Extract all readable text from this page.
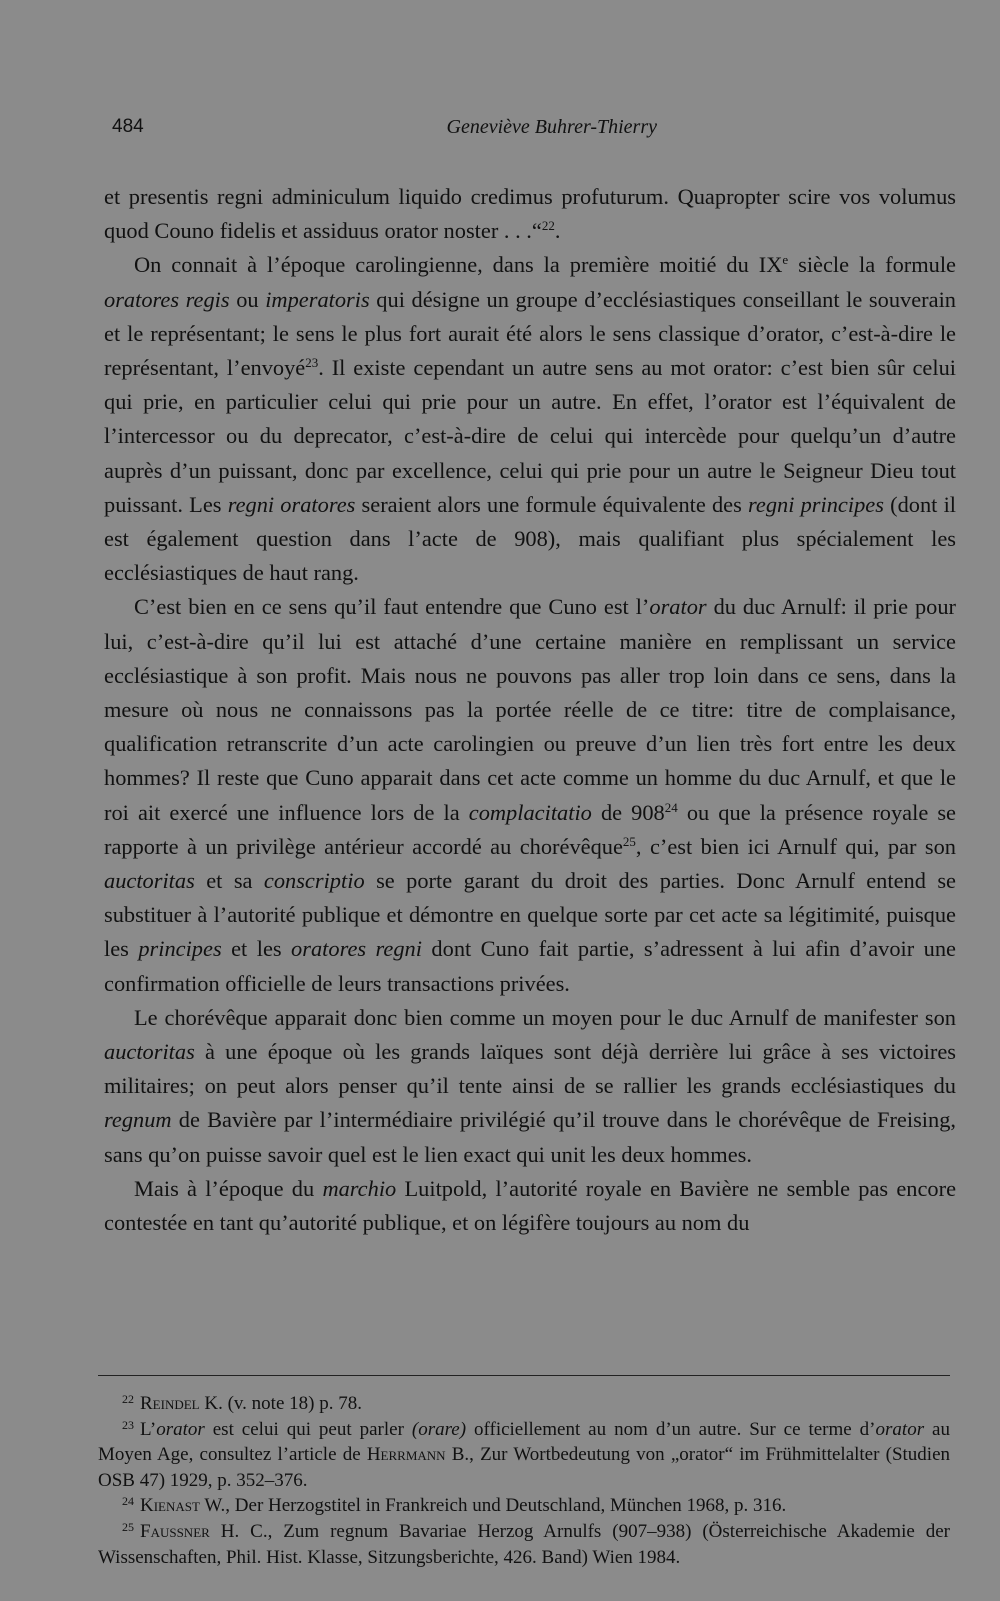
484	Geneviève Buhrer-Thierry

et presentis regni adminiculum liquido credimus profuturum. Quapropter scire vos volumus quod Couno fidelis et assiduus orator noster . . .“$^{22}$.

On connait à l’époque carolingienne, dans la première moitié du IXe siècle la formule oratores regis ou imperatoris qui désigne un groupe d’ecclésiastiques conseillant le souverain et le représentant; le sens le plus fort aurait été alors le sens classique d’orator, c’est-à-dire le représentant, l’envoyé$^{23}$. Il existe cependant un autre sens au mot orator: c’est bien sûr celui qui prie, en particulier celui qui prie pour un autre. En effet, l’orator est l’équivalent de l’intercessor ou du deprecator, c’est-à-dire de celui qui intercède pour quelqu’un d’autre auprès d’un puissant, donc par excellence, celui qui prie pour un autre le Seigneur Dieu tout puissant. Les regni oratores seraient alors une formule équivalente des regni principes (dont il est également question dans l’acte de 908), mais qualifiant plus spécialement les ecclésiastiques de haut rang.

C’est bien en ce sens qu’il faut entendre que Cuno est l’orator du duc Arnulf: il prie pour lui, c’est-à-dire qu’il lui est attaché d’une certaine manière en remplissant un service ecclésiastique à son profit. Mais nous ne pouvons pas aller trop loin dans ce sens, dans la mesure où nous ne connaissons pas la portée réelle de ce titre: titre de complaisance, qualification retranscrite d’un acte carolingien ou preuve d’un lien très fort entre les deux hommes? Il reste que Cuno apparait dans cet acte comme un homme du duc Arnulf, et que le roi ait exercé une influence lors de la complacitatio de $908^{24}$ ou que la présence royale se rapporte à un privilège antérieur accordé au chorévêque$^{25}$, c’est bien ici Arnulf qui, par son auctoritas et sa conscriptio se porte garant du droit des parties. Donc Arnulf entend se substituer à l’autorité publique et démontre en quelque sorte par cet acte sa légitimité, puisque les principes et les oratores regni dont Cuno fait partie, s’adressent à lui afin d’avoir une confirmation officielle de leurs transactions privées.

Le chorévêque apparait donc bien comme un moyen pour le duc Arnulf de manifester son auctoritas à une époque où les grands laïques sont déjà derrière lui grâce à ses victoires militaires; on peut alors penser qu’il tente ainsi de se rallier les grands ecclésiastiques du regnum de Bavière par l’intermédiaire privilégié qu’il trouve dans le chorévêque de Freising, sans qu’on puisse savoir quel est le lien exact qui unit les deux hommes.

Mais à l’époque du marchio Luitpold, l’autorité royale en Bavière ne semble pas encore contestée en tant qu’autorité publique, et on légifère toujours au nom du

$^{22}$ Reindel K. (v. note 18) p. 78.

$^{23}$ L’orator est celui qui peut parler (orare) officiellement au nom d’un autre. Sur ce terme d’orator au Moyen Age, consultez l’article de Herrmann B., Zur Wortbedeutung von „orator“ im Frühmittelalter (Studien OSB 47) 1929, p. 352–376.

$^{24}$ Kienast W., Der Herzogstitel in Frankreich und Deutschland, München 1968, p. 316.

$^{25}$ Faussner H. C., Zum regnum Bavariae Herzog Arnulfs (907–938) (Österreichische Akademie der Wissenschaften, Phil. Hist. Klasse, Sitzungsberichte, 426. Band) Wien 1984.
